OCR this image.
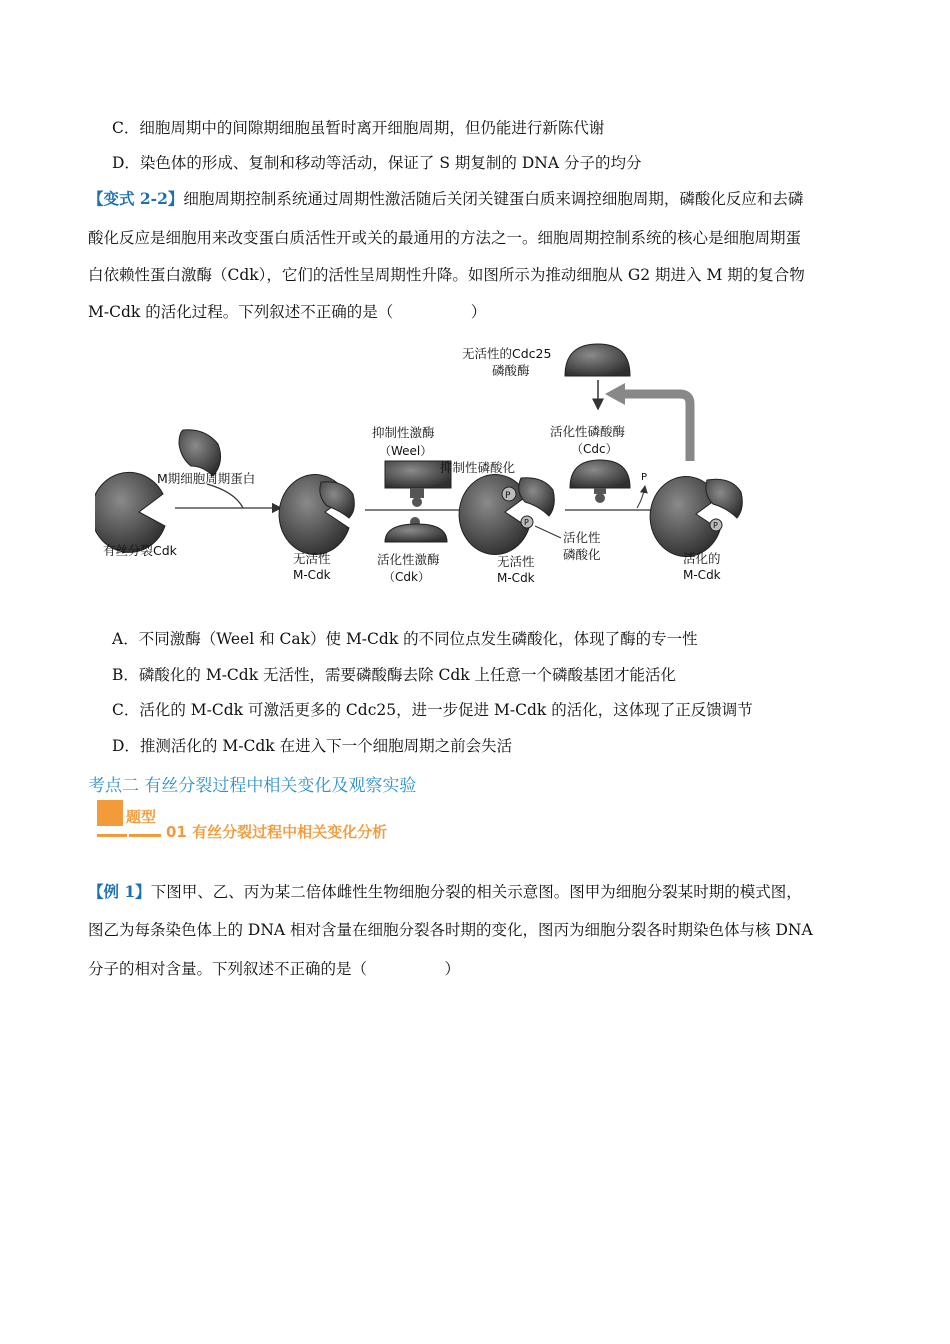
C．细胞周期中的间隙期细胞虽暂时离开细胞周期，但仍能进行新陈代谢
D．染色体的形成、复制和移动等活动，保证了 S 期复制的 DNA 分子的均分
【变式 2-2】细胞周期控制系统通过周期性激活随后关闭关键蛋白质来调控细胞周期，磷酸化反应和去磷
酸化反应是细胞用来改变蛋白质活性开或关的最通用的方法之一。细胞周期控制系统的核心是细胞周期蛋
白依赖性蛋白激酶（Cdk），它们的活性呈周期性升降。如图所示为推动细胞从 G2 期进入 M 期的复合物
M-Cdk 的活化过程。下列叙述不正确的是（　　　　　）
无活性的Cdc25
磷酸酶
M期细胞周期蛋白
有丝分裂Cdk
无活性
M-Cdk
抑制性激酶
（Weel）
活化性激酶
（Cdk）
P
P
抑制性磷酸化
活化性
磷酸化
无活性
M-Cdk
活化性磷酸酶
（Cdc）
P
P
活化的
M-Cdk
A．不同激酶（Weel 和 Cak）使 M-Cdk 的不同位点发生磷酸化，体现了酶的专一性
B．磷酸化的 M-Cdk 无活性，需要磷酸酶去除 Cdk 上任意一个磷酸基团才能活化
C．活化的 M-Cdk 可激活更多的 Cdc25，进一步促进 M-Cdk 的活化，这体现了正反馈调节
D．推测活化的 M-Cdk 在进入下一个细胞周期之前会失活
考点二 有丝分裂过程中相关变化及观察实验
题型
01 有丝分裂过程中相关变化分析
【例 1】下图甲、乙、丙为某二倍体雌性生物细胞分裂的相关示意图。图甲为细胞分裂某时期的模式图，
图乙为每条染色体上的 DNA 相对含量在细胞分裂各时期的变化，图丙为细胞分裂各时期染色体与核 DNA
分子的相对含量。下列叙述不正确的是（　　　　　）
